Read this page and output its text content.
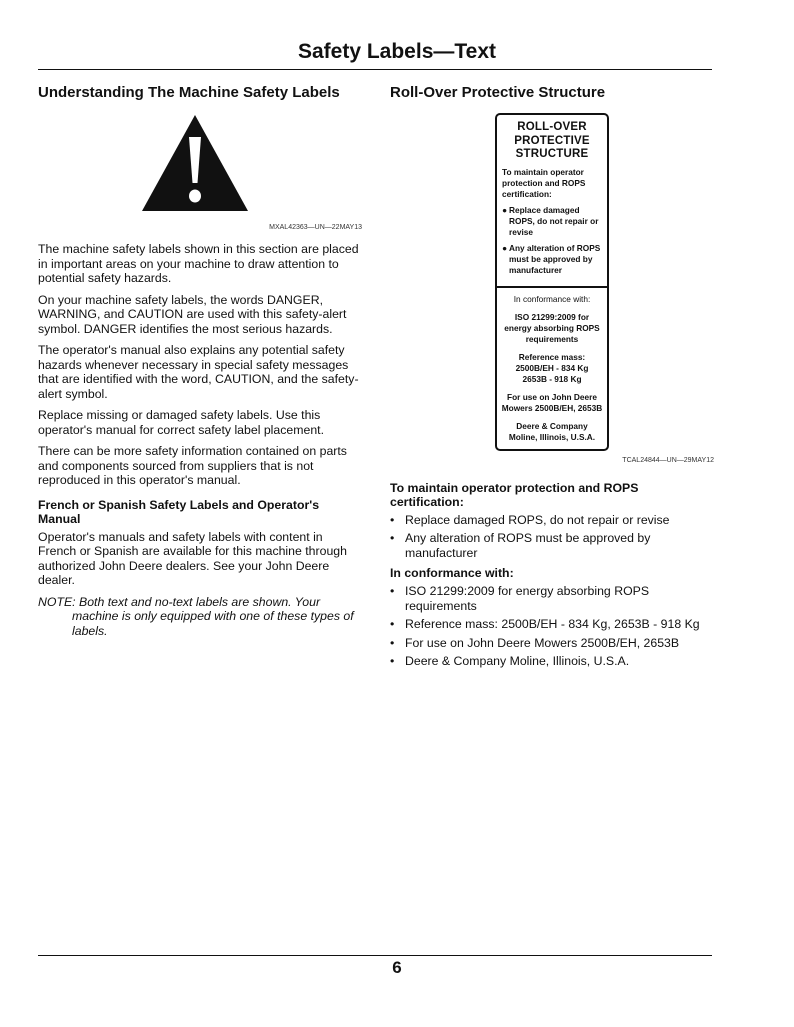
Safety Labels—Text
Understanding The Machine Safety Labels

MXAL42363—UN—22MAY13

The machine safety labels shown in this section are placed in important areas on your machine to draw attention to potential safety hazards.

On your machine safety labels, the words DANGER, WARNING, and CAUTION are used with this safety-alert symbol. DANGER identifies the most serious hazards.

The operator's manual also explains any potential safety hazards whenever necessary in special safety messages that are identified with the word, CAUTION, and the safety-alert symbol.

Replace missing or damaged safety labels. Use this operator's manual for correct safety label placement.

There can be more safety information contained on parts and components sourced from suppliers that is not reproduced in this operator's manual.

French or Spanish Safety Labels and Operator's Manual

Operator's manuals and safety labels with content in French or Spanish are available for this machine through authorized John Deere dealers. See your John Deere dealer.

NOTE: Both text and no-text labels are shown. Your machine is only equipped with one of these types of labels.

Roll-Over Protective Structure
ROLL-OVER
PROTECTIVE
STRUCTURE
To maintain operator protection and ROPS certification:
● Replace damaged ROPS, do not repair or revise
● Any alteration of ROPS must be approved by manufacturer
In conformance with:
ISO 21299:2009 for energy absorbing ROPS requirements
Reference mass:
2500B/EH - 834 Kg
2653B - 918 Kg
For use on John Deere Mowers 2500B/EH, 2653B
Deere & Company Moline, Illinois, U.S.A.

TCAL24844—UN—29MAY12

To maintain operator protection and ROPS certification:
• Replace damaged ROPS, do not repair or revise
• Any alteration of ROPS must be approved by manufacturer
In conformance with:
• ISO 21299:2009 for energy absorbing ROPS requirements
• Reference mass: 2500B/EH - 834 Kg, 2653B - 918 Kg
• For use on John Deere Mowers 2500B/EH, 2653B
• Deere & Company Moline, Illinois, U.S.A.
6
